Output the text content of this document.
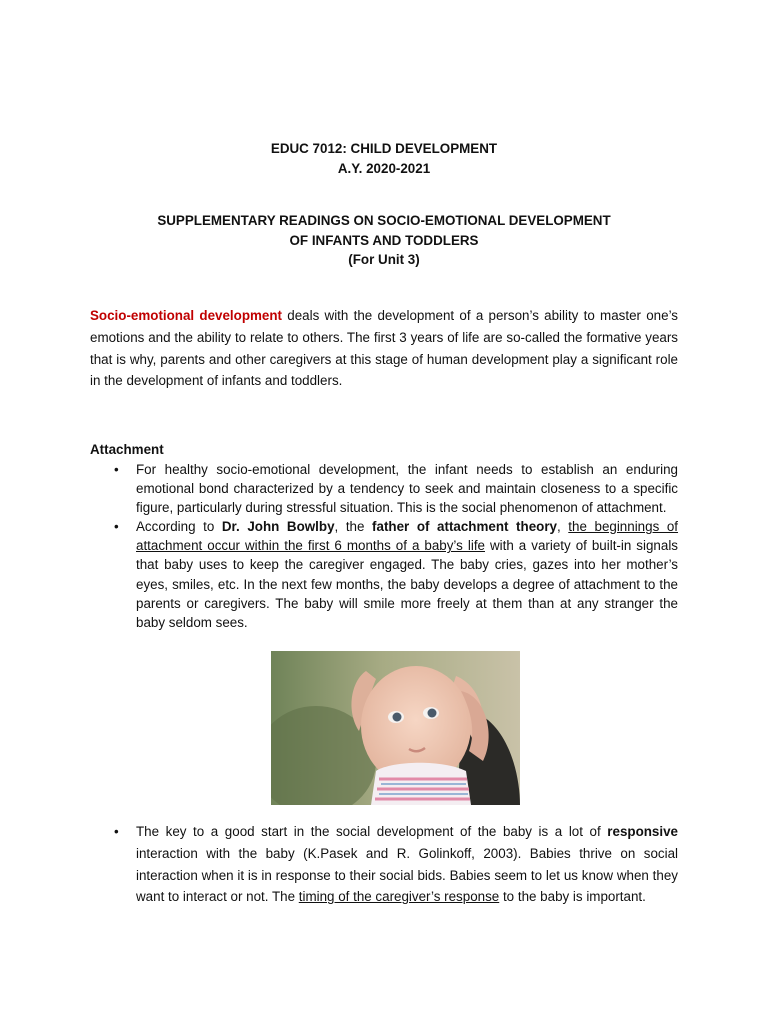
EDUC 7012: CHILD DEVELOPMENT
A.Y. 2020-2021
SUPPLEMENTARY READINGS ON SOCIO-EMOTIONAL DEVELOPMENT
OF INFANTS AND TODDLERS
(For Unit 3)

Socio-emotional development deals with the development of a person’s ability to master one’s emotions and the ability to relate to others. The first 3 years of life are so-called the formative years that is why, parents and other caregivers at this stage of human development play a significant role in the development of infants and toddlers.

Attachment
• For healthy socio-emotional development, the infant needs to establish an enduring emotional bond characterized by a tendency to seek and maintain closeness to a specific figure, particularly during stressful situation. This is the social phenomenon of attachment.
• According to Dr. John Bowlby, the father of attachment theory, the beginnings of attachment occur within the first 6 months of a baby’s life with a variety of built-in signals that baby uses to keep the caregiver engaged. The baby cries, gazes into her mother’s eyes, smiles, etc. In the next few months, the baby develops a degree of attachment to the parents or caregivers. The baby will smile more freely at them than at any stranger the baby seldom sees.
• The key to a good start in the social development of the baby is a lot of responsive interaction with the baby (K.Pasek and R. Golinkoff, 2003). Babies thrive on social interaction when it is in response to their social bids. Babies seem to let us know when they want to interact or not. The timing of the caregiver’s response to the baby is important.
